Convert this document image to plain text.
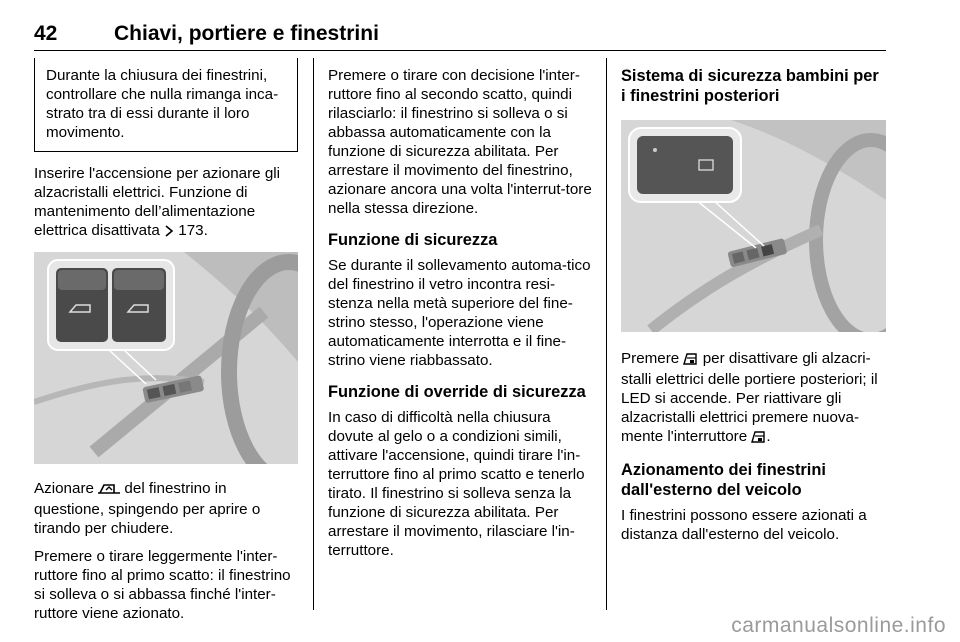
42	Chiavi, portiere e finestrini

Durante la chiusura dei finestrini, controllare che nulla rimanga inca-strato tra di essi durante il loro movimento.

Inserire l'accensione per azionare gli alzacristalli elettrici. Funzione di mantenimento dell’alimentazione elettrica disattivata 173.

Azionare del finestrino in questione, spingendo per aprire o tirando per chiudere.

Premere o tirare leggermente l'inter-ruttore fino al primo scatto: il finestrino si solleva o si abbassa finché l'inter-ruttore viene azionato.

Premere o tirare con decisione l'inter-ruttore fino al secondo scatto, quindi rilasciarlo: il finestrino si solleva o si abbassa automaticamente con la funzione di sicurezza abilitata. Per arrestare il movimento del finestrino, azionare ancora una volta l'interrut-tore nella stessa direzione.

Funzione di sicurezza

Se durante il sollevamento automa-tico del finestrino il vetro incontra resi-stenza nella metà superiore del fine-strino stesso, l'operazione viene automaticamente interrotta e il fine-strino viene riabbassato.

Funzione di override di sicurezza

In caso di difficoltà nella chiusura dovute al gelo o a condizioni simili, attivare l'accensione, quindi tirare l'in-terruttore fino al primo scatto e tenerlo tirato. Il finestrino si solleva senza la funzione di sicurezza abilitata. Per arrestare il movimento, rilasciare l'in-terruttore.

Sistema di sicurezza bambini per i finestrini posteriori

Premere per disattivare gli alzacri-stalli elettrici delle portiere posteriori; il LED si accende. Per riattivare gli alzacristalli elettrici premere nuova-mente l'interruttore .

Azionamento dei finestrini dall'esterno del veicolo

I finestrini possono essere azionati a distanza dall'esterno del veicolo.

carmanualsonline.info
